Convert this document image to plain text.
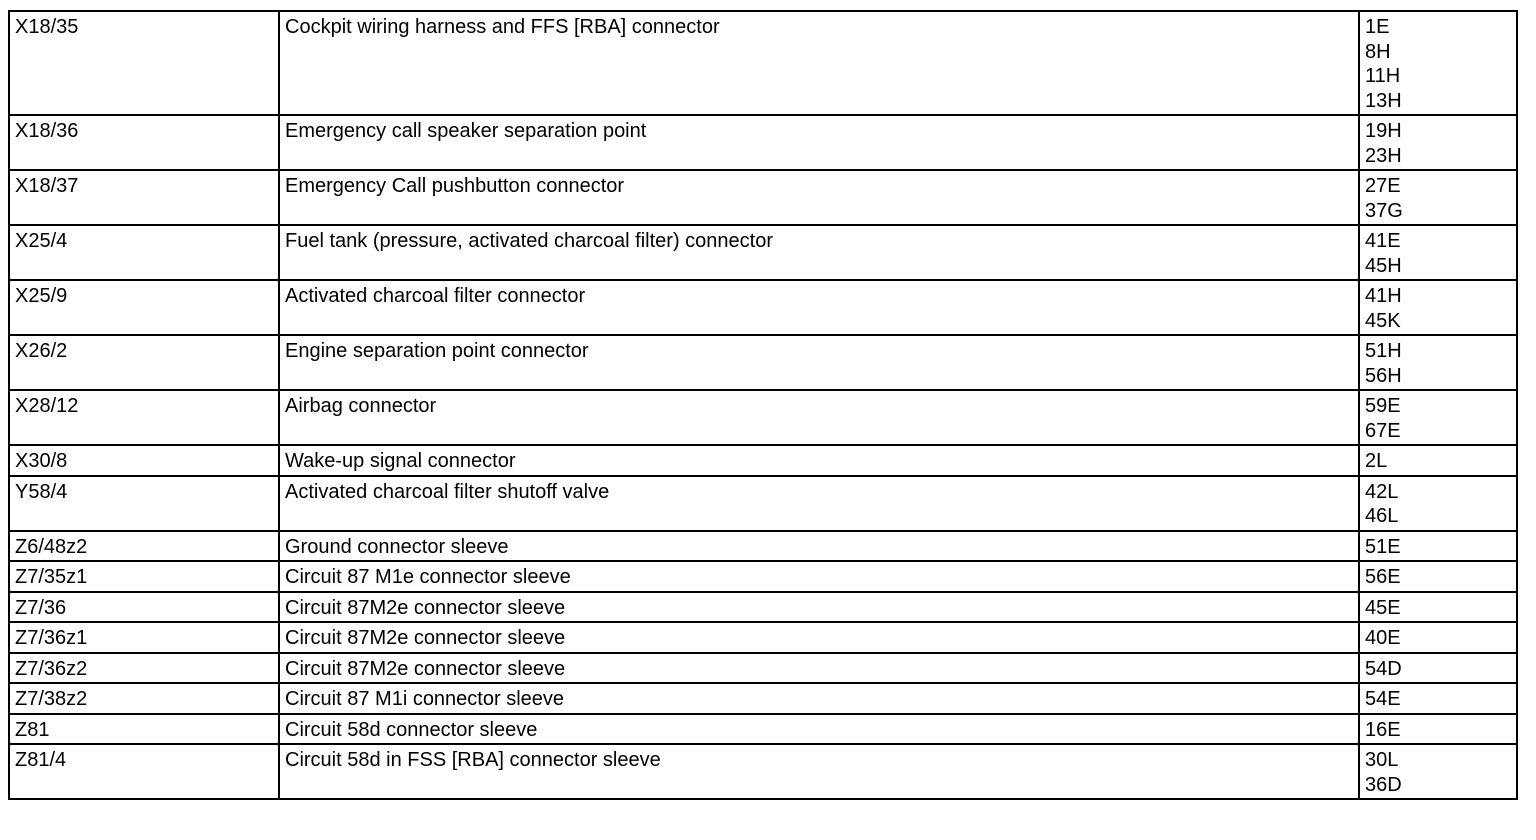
X18/35	Cockpit wiring harness and FFS [RBA] connector	1E
8H
11H
13H

X18/36	Emergency call speaker separation point	19H
23H

X18/37	Emergency Call pushbutton connector	27E
37G

X25/4	Fuel tank (pressure, activated charcoal filter) connector	41E
45H

X25/9	Activated charcoal filter connector	41H
45K

X26/2	Engine separation point connector	51H
56H

X28/12	Airbag connector	59E
67E

X30/8	Wake-up signal connector	2L

Y58/4	Activated charcoal filter shutoff valve	42L
46L

Z6/48z2	Ground connector sleeve	51E

Z7/35z1	Circuit 87 M1e connector sleeve	56E

Z7/36	Circuit 87M2e connector sleeve	45E

Z7/36z1	Circuit 87M2e connector sleeve	40E

Z7/36z2	Circuit 87M2e connector sleeve	54D

Z7/38z2	Circuit 87 M1i connector sleeve	54E

Z81	Circuit 58d connector sleeve	16E

Z81/4	Circuit 58d in FSS [RBA] connector sleeve	30L
36D
